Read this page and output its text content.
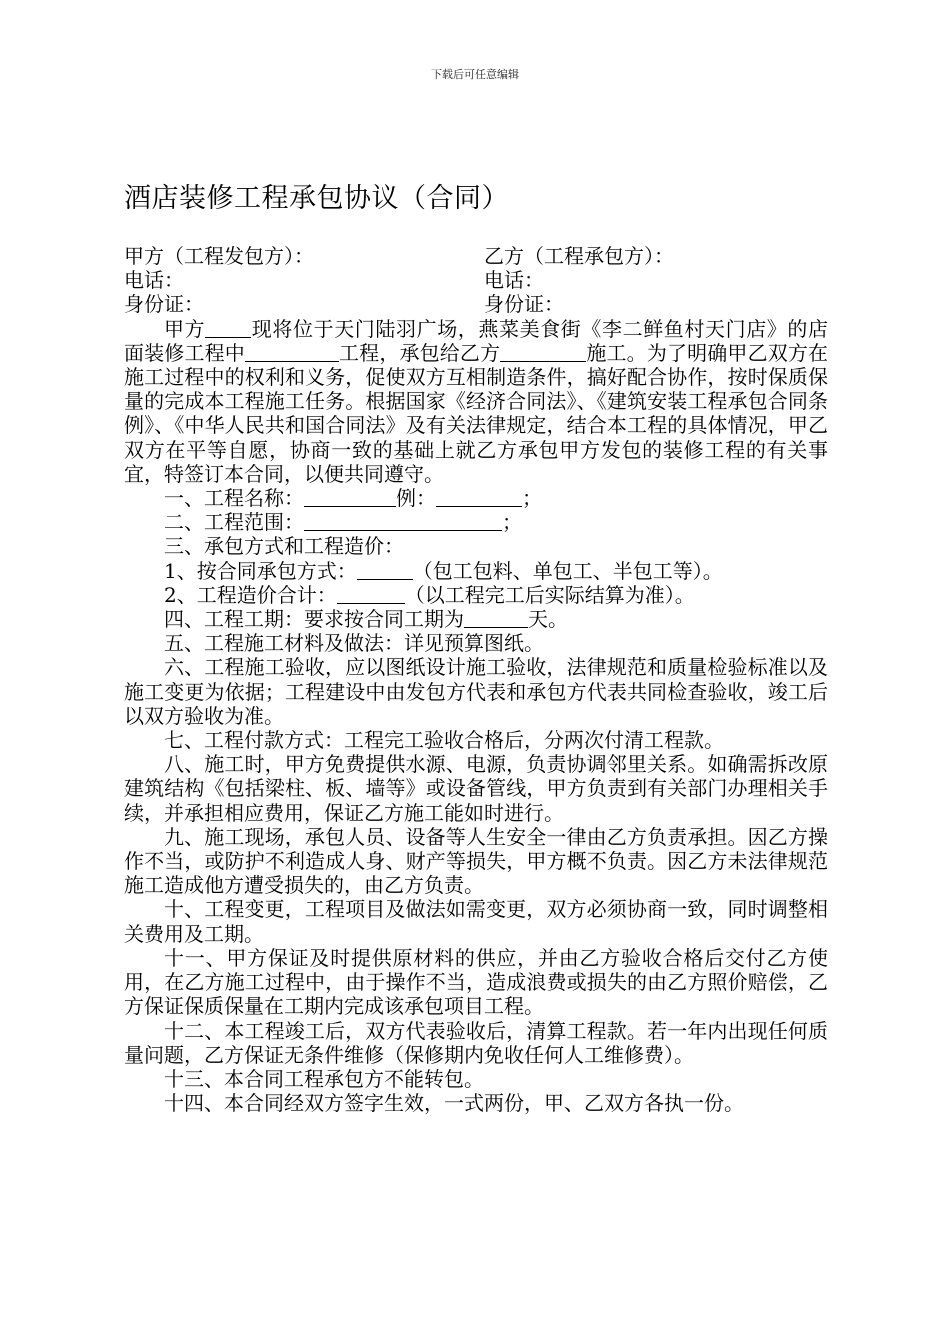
下载后可任意编辑
酒店装修工程承包协议（合同）
甲方（工程发包方）：	乙方（工程承包方）：
电话：	电话：
身份证：	身份证：

甲方 现将位于天门陆羽广场，燕菜美食街《李二鲜鱼村天门店》的店面装修工程中	工程，承包给乙方	施工。为了明确甲乙双方在施工过程中的权利和义务，促使双方互相制造条件，搞好配合协作，按时保质保量的完成本工程施工任务。根据国家《经济合同法》、《建筑安装工程承包合同条例》、《中华人民共和国合同法》及有关法律规定，结合本工程的具体情况，甲乙双方在平等自愿，协商一致的基础上就乙方承包甲方发包的装修工程的有关事宜，特签订本合同，以便共同遵守。

一、工程名称：	例：	；

二、工程范围：	；

三、承包方式和工程造价：

1、按合同承包方式：	（包工包料、单包工、半包工等）。

2、工程造价合计：	（以工程完工后实际结算为准）。

四、工程工期：要求按合同工期为	天。

五、工程施工材料及做法：详见预算图纸。

六、工程施工验收，应以图纸设计施工验收，法律规范和质量检验标准以及施工变更为依据；工程建设中由发包方代表和承包方代表共同检查验收，竣工后以双方验收为准。

七、工程付款方式：工程完工验收合格后，分两次付清工程款。

八、施工时，甲方免费提供水源、电源，负责协调邻里关系。如确需拆改原建筑结构《包括梁柱、板、墙等》或设备管线，甲方负责到有关部门办理相关手续，并承担相应费用，保证乙方施工能如时进行。

九、施工现场，承包人员、设备等人生安全一律由乙方负责承担。因乙方操作不当，或防护不利造成人身、财产等损失，甲方概不负责。因乙方未法律规范施工造成他方遭受损失的，由乙方负责。

十、工程变更，工程项目及做法如需变更，双方必须协商一致，同时调整相关费用及工期。

十一、甲方保证及时提供原材料的供应，并由乙方验收合格后交付乙方使用，在乙方施工过程中，由于操作不当，造成浪费或损失的由乙方照价赔偿，乙方保证保质保量在工期内完成该承包项目工程。

十二、本工程竣工后，双方代表验收后，清算工程款。若一年内出现任何质量问题，乙方保证无条件维修（保修期内免收任何人工维修费）。

十三、本合同工程承包方不能转包。

十四、本合同经双方签字生效，一式两份，甲、乙双方各执一份。
